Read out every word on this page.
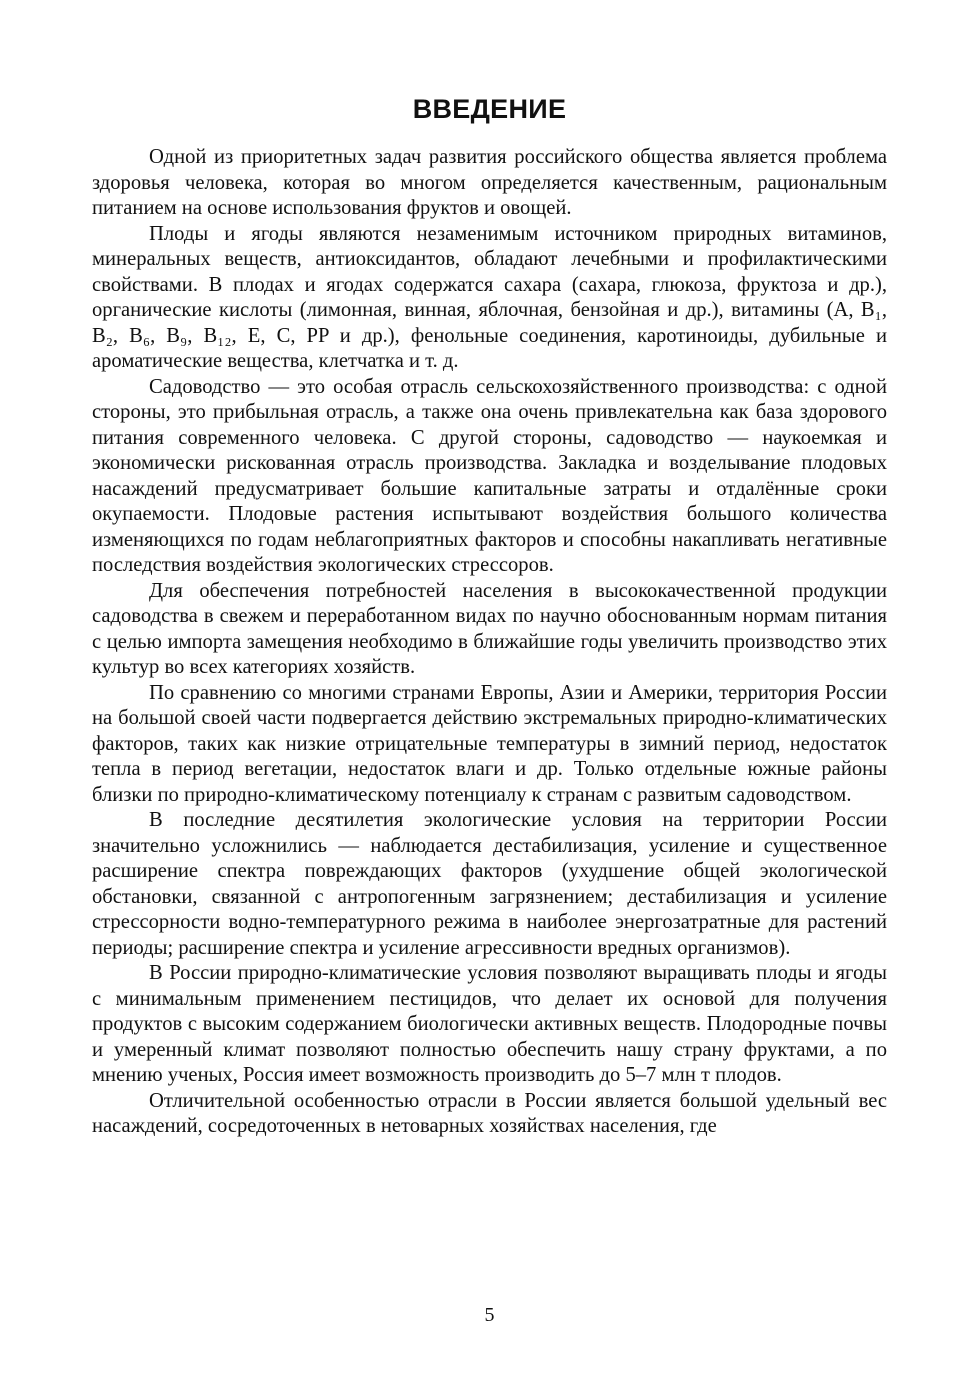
ВВЕДЕНИЕ

Одной из приоритетных задач развития российского общества является проблема здоровья человека, которая во многом определяется качественным, рациональным питанием на основе использования фруктов и овощей.

Плоды и ягоды являются незаменимым источником природных витаминов, минеральных веществ, антиоксидантов, обладают лечебными и профилактическими свойствами. В плодах и ягодах содержатся сахара (сахара, глюкоза, фруктоза и др.), органические кислоты (лимонная, винная, яблочная, бензойная и др.), витамины (A, B₁, B₂, B₆, B₉, B₁₂, E, C, PP и др.), фенольные соединения, каротиноиды, дубильные и ароматические вещества, клетчатка и т. д.

Садоводство — это особая отрасль сельскохозяйственного производства: с одной стороны, это прибыльная отрасль, а также она очень привлекательна как база здорового питания современного человека. С другой стороны, садоводство — наукоемкая и экономически рискованная отрасль производства. Закладка и возделывание плодовых насаждений предусматривает большие капитальные затраты и отдалённые сроки окупаемости. Плодовые растения испытывают воздействия большого количества изменяющихся по годам неблагоприятных факторов и способны накапливать негативные последствия воздействия экологических стрессоров.

Для обеспечения потребностей населения в высококачественной продукции садоводства в свежем и переработанном видах по научно обоснованным нормам питания с целью импорта замещения необходимо в ближайшие годы увеличить производство этих культур во всех категориях хозяйств.

По сравнению со многими странами Европы, Азии и Америки, территория России на большой своей части подвергается действию экстремальных природно-климатических факторов, таких как низкие отрицательные температуры в зимний период, недостаток тепла в период вегетации, недостаток влаги и др. Только отдельные южные районы близки по природно-климатическому потенциалу к странам с развитым садоводством.

В последние десятилетия экологические условия на территории России значительно усложнились — наблюдается дестабилизация, усиление и существенное расширение спектра повреждающих факторов (ухудшение общей экологической обстановки, связанной с антропогенным загрязнением; дестабилизация и усиление стрессорности водно-температурного режима в наиболее энергозатратные для растений периоды; расширение спектра и усиление агрессивности вредных организмов).

В России природно-климатические условия позволяют выращивать плоды и ягоды с минимальным применением пестицидов, что делает их основой для получения продуктов с высоким содержанием биологически активных веществ. Плодородные почвы и умеренный климат позволяют полностью обеспечить нашу страну фруктами, а по мнению ученых, Россия имеет возможность производить до 5–7 млн т плодов.

Отличительной особенностью отрасли в России является большой удельный вес насаждений, сосредоточенных в нетоварных хозяйствах населения, где

5
